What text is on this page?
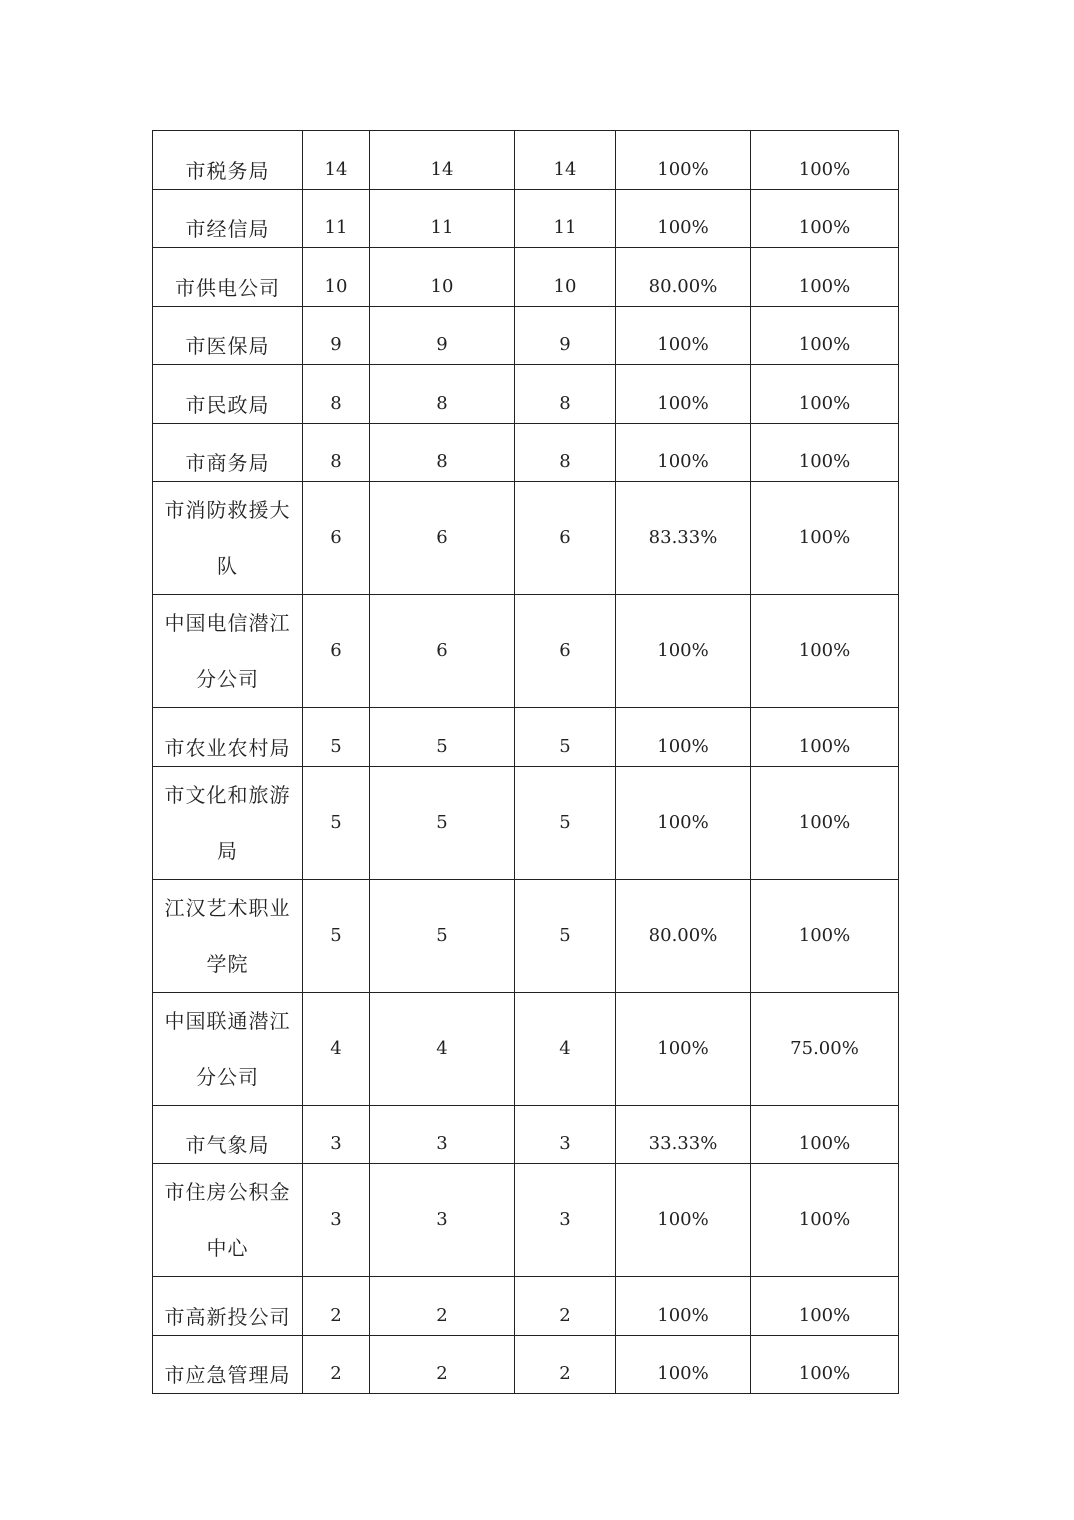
市税务局	14	14	14	100%	100%
市经信局	11	11	11	100%	100%
市供电公司	10	10	10	80.00%	100%
市医保局	9	9	9	100%	100%
市民政局	8	8	8	100%	100%
市商务局	8	8	8	100%	100%
市消防救援大队	6	6	6	83.33%	100%
中国电信潜江分公司	6	6	6	100%	100%
市农业农村局	5	5	5	100%	100%
市文化和旅游局	5	5	5	100%	100%
江汉艺术职业学院	5	5	5	80.00%	100%
中国联通潜江分公司	4	4	4	100%	75.00%
市气象局	3	3	3	33.33%	100%
市住房公积金中心	3	3	3	100%	100%
市高新投公司	2	2	2	100%	100%
市应急管理局	2	2	2	100%	100%
